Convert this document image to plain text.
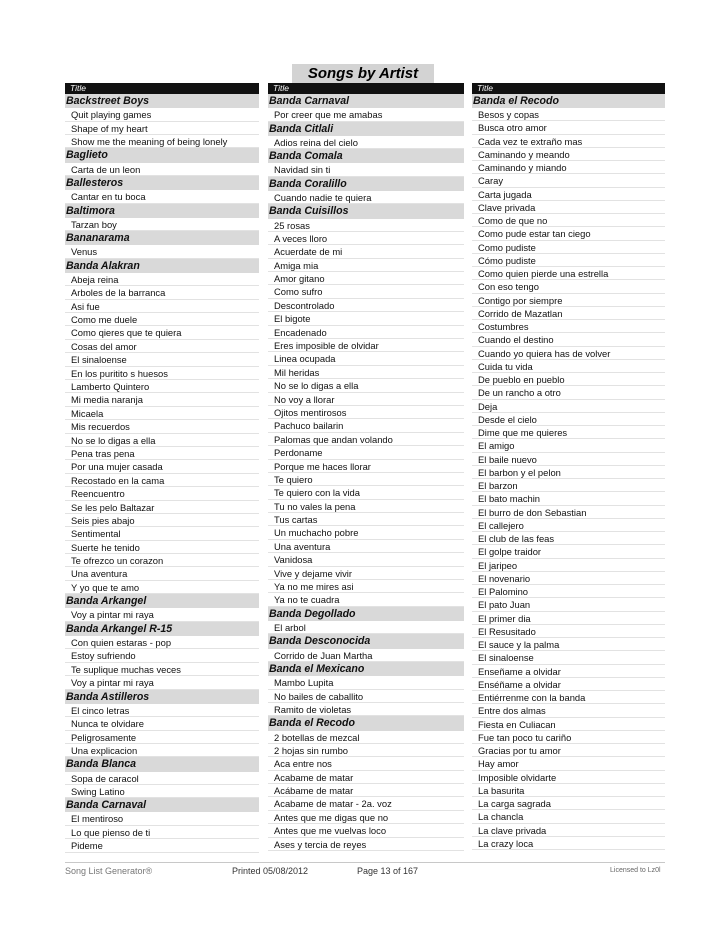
Songs by Artist
Title
Backstreet Boys
Quit playing games
Shape of my heart
Show me the meaning of being lonely
Baglieto
Carta de un leon
Ballesteros
Cantar en tu boca
Baltimora
Tarzan boy
Bananarama
Venus
Banda Alakran
Abeja reina
Arboles de la barranca
Asi fue
Como me duele
Como qieres que te quiera
Cosas del amor
El sinaloense
En los puritito s huesos
Lamberto Quintero
Mi media naranja
Micaela
Mis recuerdos
No se lo digas a ella
Pena tras pena
Por una mujer casada
Recostado en la cama
Reencuentro
Se les pelo Baltazar
Seis pies abajo
Sentimental
Suerte he tenido
Te ofrezco un corazon
Una aventura
Y yo que te amo
Banda Arkangel
Voy a pintar mi raya
Banda Arkangel R-15
Con quien estaras - pop
Estoy sufriendo
Te suplique muchas veces
Voy a pintar mi raya
Banda Astilleros
El cinco letras
Nunca te olvidare
Peligrosamente
Una explicacion
Banda Blanca
Sopa de caracol
Swing Latino
Banda Carnaval
El mentiroso
Lo que pienso de ti
Pideme
Title
Banda Carnaval
Por creer que me amabas
Banda Citlali
Adios reina del cielo
Banda Comala
Navidad sin ti
Banda Coralillo
Cuando nadie te quiera
Banda Cuisillos
25 rosas
A veces lloro
Acuerdate de mi
Amiga mia
Amor gitano
Como sufro
Descontrolado
El bigote
Encadenado
Eres imposible de olvidar
Linea ocupada
Mil heridas
No se lo digas a ella
No voy a llorar
Ojitos mentirosos
Pachuco bailarin
Palomas que andan volando
Perdoname
Porque me haces llorar
Te quiero
Te quiero con la vida
Tu no vales la pena
Tus cartas
Un muchacho pobre
Una aventura
Vanidosa
Vive y dejame vivir
Ya no me mires asi
Ya no te cuadra
Banda Degollado
El arbol
Banda Desconocida
Corrido de Juan Martha
Banda el Mexicano
Mambo Lupita
No bailes de caballito
Ramito de violetas
Banda el Recodo
2 botellas de mezcal
2 hojas sin rumbo
Aca entre nos
Acabame de matar
Acábame de matar
Acabame de matar - 2a. voz
Antes que me digas que no
Antes que me vuelvas loco
Ases y tercia de reyes
Title
Banda el Recodo
Besos y copas
Busca otro amor
Cada vez te extraño mas
Caminando y meando
Caminando y miando
Caray
Carta jugada
Clave privada
Como de que no
Como pude estar tan ciego
Como pudiste
Cómo pudiste
Como quien pierde una estrella
Con eso tengo
Contigo por siempre
Corrido de Mazatlan
Costumbres
Cuando el destino
Cuando yo quiera has de volver
Cuida tu vida
De pueblo en pueblo
De un rancho a otro
Deja
Desde el cielo
Dime que me quieres
El amigo
El baile nuevo
El barbon y el pelon
El barzon
El bato machin
El burro de don Sebastian
El callejero
El club de las feas
El golpe traidor
El jaripeo
El novenario
El Palomino
El pato Juan
El primer dia
El Resusitado
El sauce y la palma
El sinaloense
Enseñame a olvidar
Enséñame a olvidar
Entiérrenme con la banda
Entre dos almas
Fiesta en Culiacan
Fue tan poco tu cariño
Gracias por tu amor
Hay amor
Imposible olvidarte
La basurita
La carga sagrada
La chancla
La clave privada
La crazy loca
Song List Generator®	Printed 05/08/2012	Page 13 of 167	Licensed to Lz0l
